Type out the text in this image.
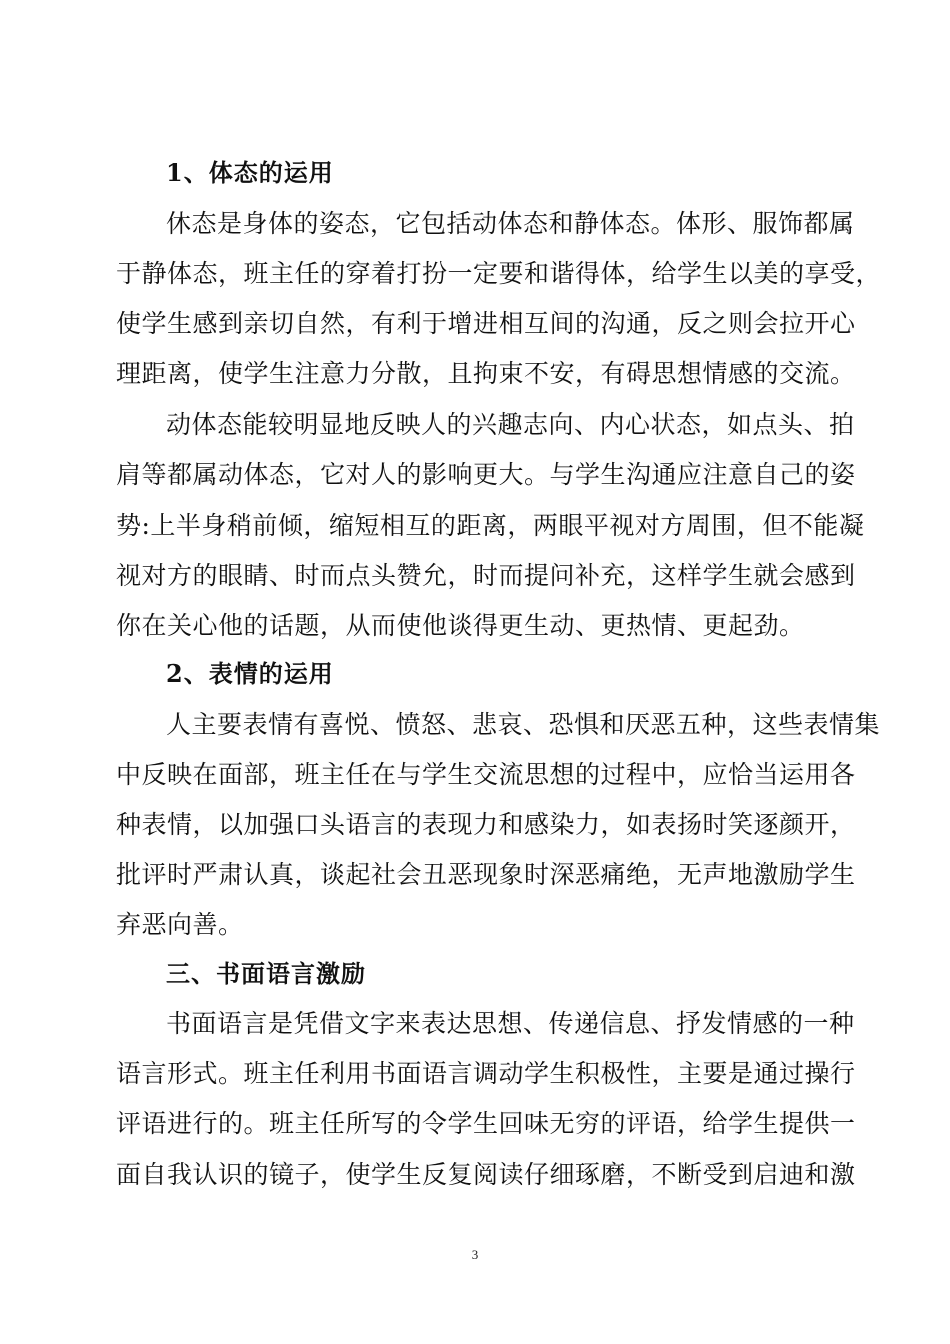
1、体态的运用
休态是身体的姿态，它包括动体态和静体态。体形、服饰都属
于静体态，班主任的穿着打扮一定要和谐得体，给学生以美的享受，
使学生感到亲切自然，有利于增进相互间的沟通，反之则会拉开心
理距离，使学生注意力分散，且拘束不安，有碍思想情感的交流。
动体态能较明显地反映人的兴趣志向、内心状态，如点头、拍
肩等都属动体态，它对人的影响更大。与学生沟通应注意自己的姿
势:上半身稍前倾，缩短相互的距离，两眼平视对方周围，但不能凝
视对方的眼睛、时而点头赞允，时而提问补充，这样学生就会感到
你在关心他的话题，从而使他谈得更生动、更热情、更起劲。
2、表情的运用
人主要表情有喜悦、愤怒、悲哀、恐惧和厌恶五种，这些表情集
中反映在面部，班主任在与学生交流思想的过程中，应恰当运用各
种表情，以加强口头语言的表现力和感染力，如表扬时笑逐颜开，
批评时严肃认真，谈起社会丑恶现象时深恶痛绝，无声地激励学生
弃恶向善。
三、书面语言激励
书面语言是凭借文字来表达思想、传递信息、抒发情感的一种
语言形式。班主任利用书面语言调动学生积极性，主要是通过操行
评语进行的。班主任所写的令学生回味无穷的评语，给学生提供一
面自我认识的镜子，使学生反复阅读仔细琢磨，不断受到启迪和激
3
